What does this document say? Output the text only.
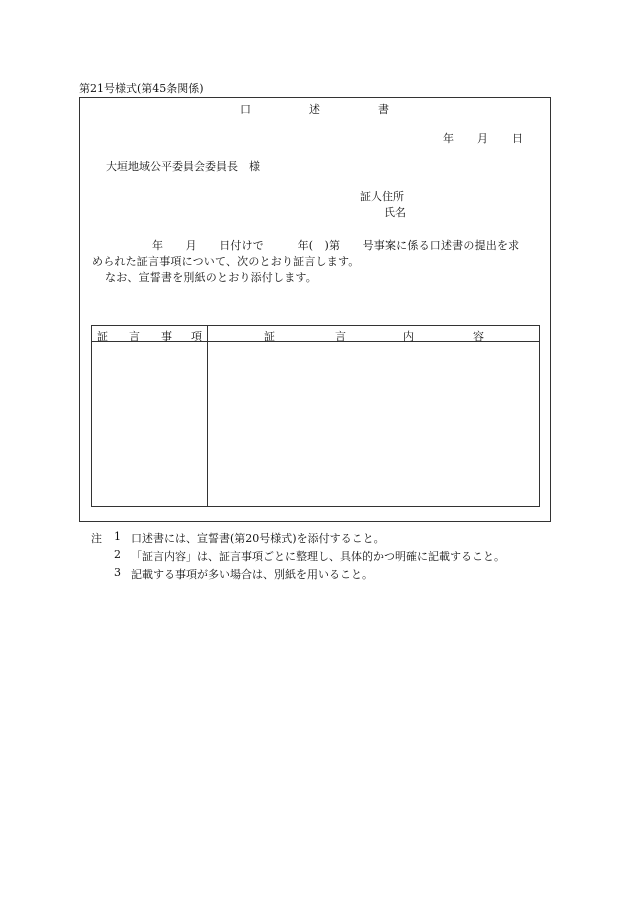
第21号様式(第45条関係)
口	述	書
年 月 日
大垣地域公平委員会委員長　様
証人住所
氏名
年　　月　　日付けで　　　年(　)第　　号事案に係る口述書の提出を求
められた証言事項について、次のとおり証言します。
なお、宣誓書を別紙のとおり添付します。
証 言 事 項	証	言	内	容
注 1 口述書には、宣誓書(第20号様式)を添付すること。
2 「証言内容」は、証言事項ごとに整理し、具体的かつ明確に記載すること。
3 記載する事項が多い場合は、別紙を用いること。
